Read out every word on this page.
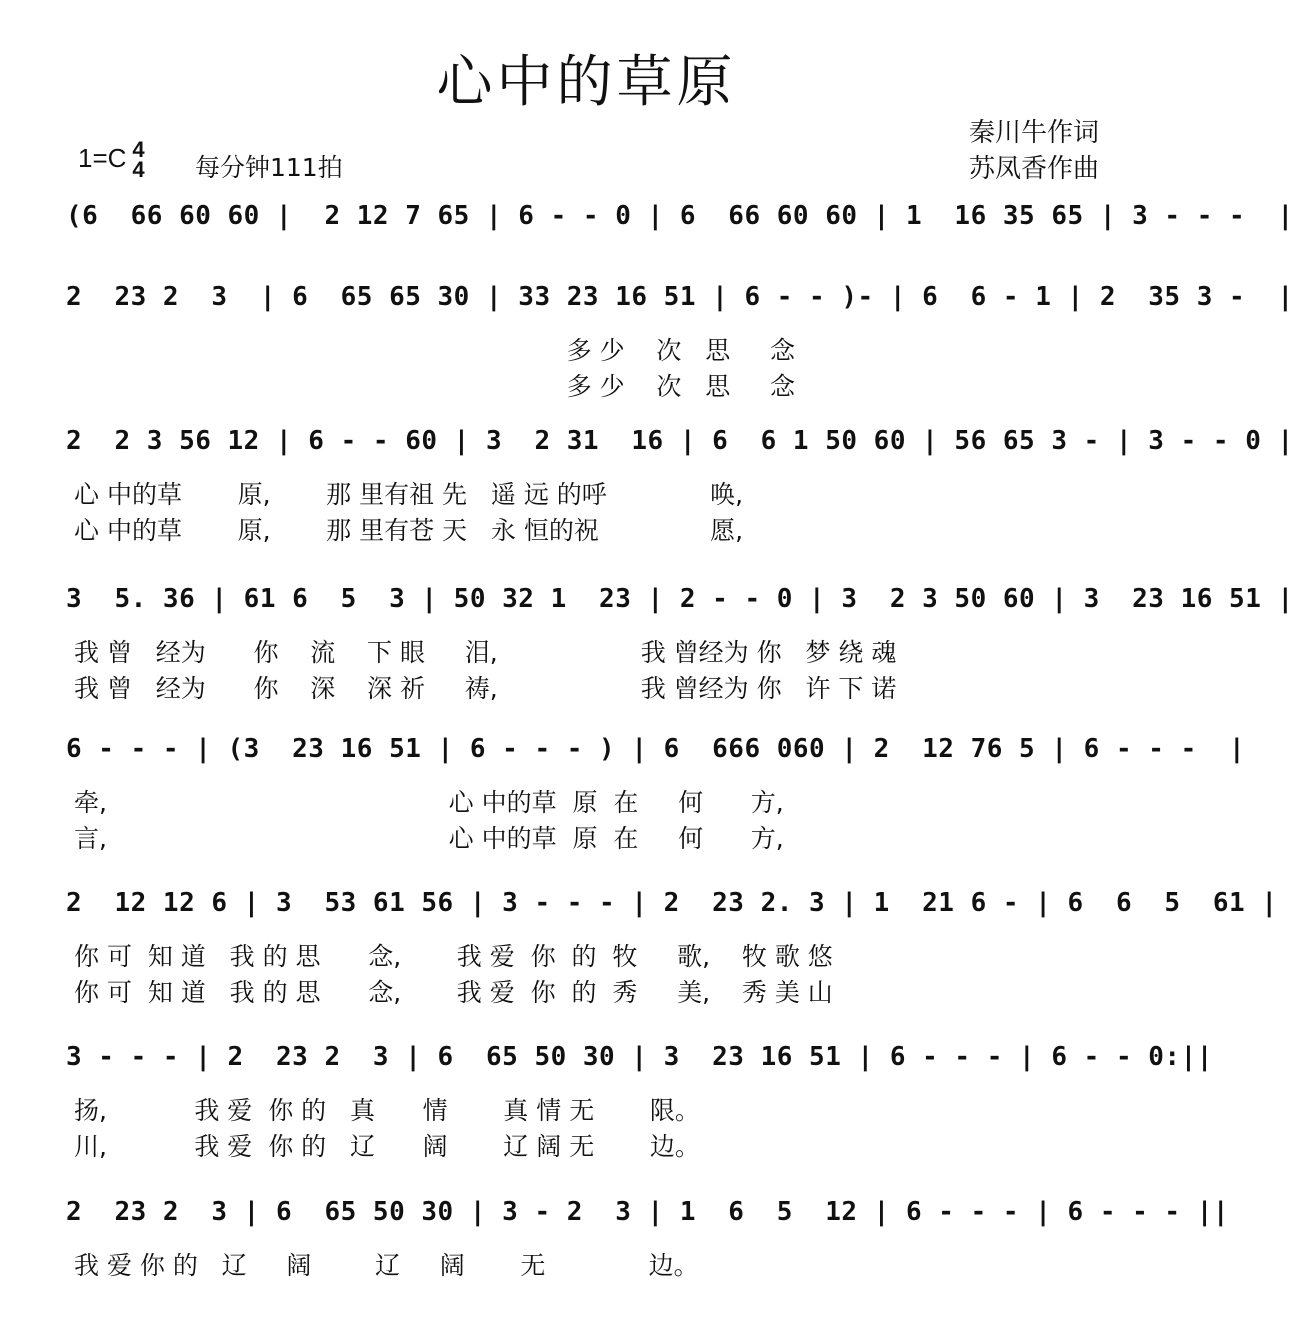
心中的草原
秦川牛作词
苏凤香作曲
1=C 4
4 每分钟111拍
(6  66 60 60 |  2 12 7 65 | 6 - - 0 | 6  66 60 60 | 1  16 35 65 | 3 - - -  |
2  23 2  3  | 6  65 65 30 | 33 23 16 51 | 6 - - )- | 6  6 - 1 | 2  35 3 -  |
多 少    次   思     念
多 少    次   思     念
2  2 3 56 12 | 6 - - 60 | 3  2 31  16 | 6  6 1 50 60 | 56 65 3 - | 3 - - 0 |
心 中的草       原,       那 里有祖 先   遥 远 的呼             唤,
心 中的草       原,       那 里有苍 天   永 恒的祝              愿,
3  5. 36 | 61 6  5  3 | 50 32 1  23 | 2 - - 0 | 3  2 3 50 60 | 3  23 16 51 |
我 曾   经为      你    流    下 眼     泪,                  我 曾经为 你   梦 绕 魂
我 曾   经为      你    深    深 祈     祷,                  我 曾经为 你   许 下 诺
6 - - - | (3  23 16 51 | 6 - - - ) | 6  666 060 | 2  12 76 5 | 6 - - -  |
牵,                                           心 中的草  原  在     何      方,
言,                                           心 中的草  原  在     何      方,
2  12 12 6 | 3  53 61 56 | 3 - - - | 2  23 2. 3 | 1  21 6 - | 6  6  5  61 |
你 可  知 道   我 的 思      念,       我 爱  你  的  牧     歌,    牧 歌 悠
你 可  知 道   我 的 思      念,       我 爱  你  的  秀     美,    秀 美 山
3 - - - | 2  23 2  3 | 6  65 50 30 | 3  23 16 51 | 6 - - - | 6 - - 0:||
扬,           我 爱  你 的   真      情       真 情 无       限。
川,           我 爱  你 的   辽      阔       辽 阔 无       边。
2  23 2  3 | 6  65 50 30 | 3 - 2  3 | 1  6  5  12 | 6 - - - | 6 - - - ||
我 爱 你 的   辽     阔        辽     阔       无             边。
